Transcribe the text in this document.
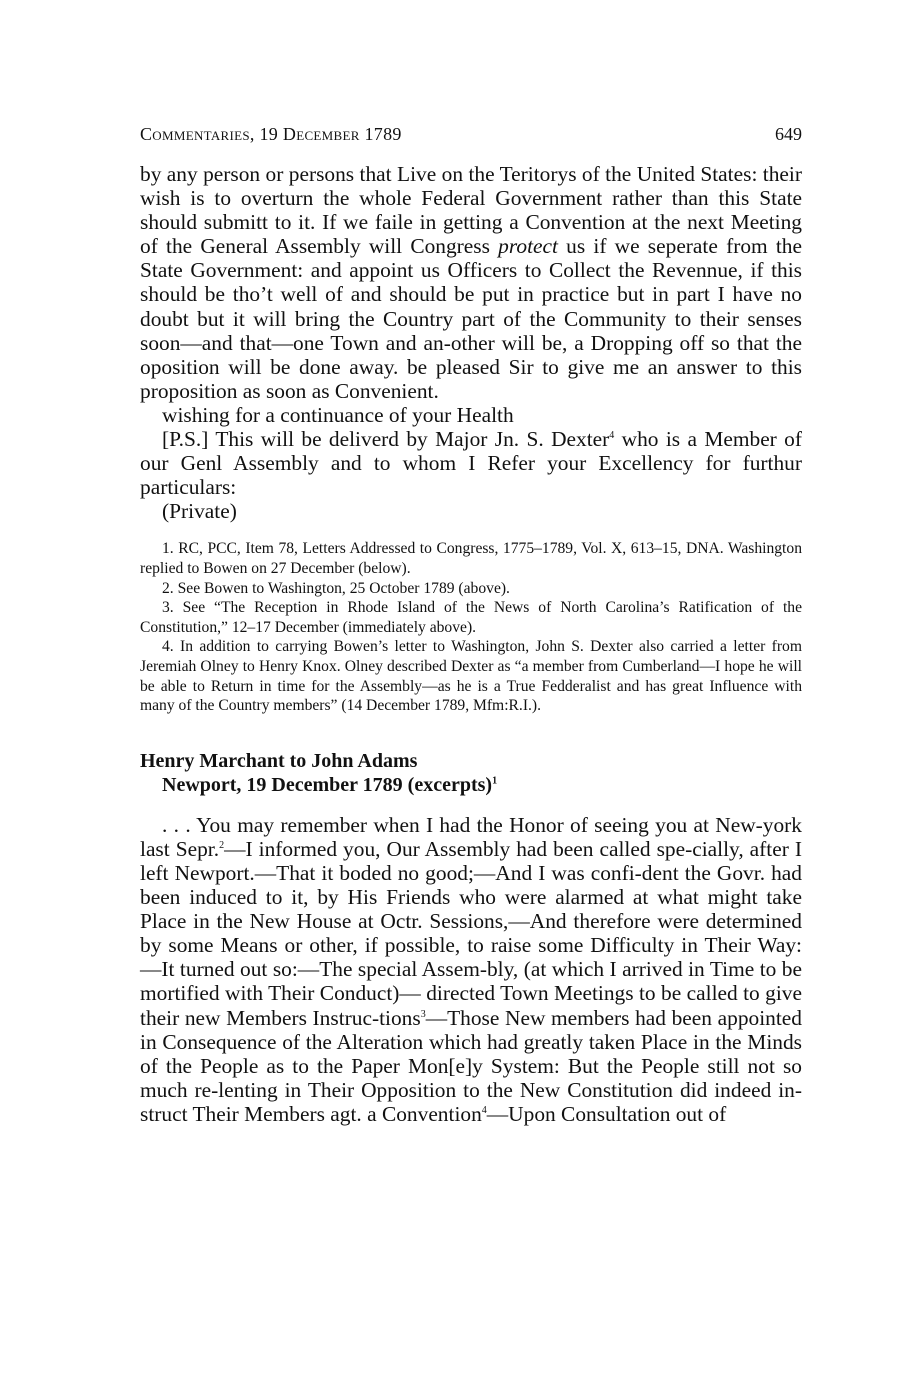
Commentaries, 19 December 1789	649

by any person or persons that Live on the Teritorys of the United States: their wish is to overturn the whole Federal Government rather than this State should submitt to it. If we faile in getting a Convention at the next Meeting of the General Assembly will Congress protect us if we seperate from the State Government: and appoint us Officers to Collect the Revennue, if this should be tho’t well of and should be put in practice but in part I have no doubt but it will bring the Country part of the Community to their senses soon—and that—one Town and an-other will be, a Dropping off so that the oposition will be done away. be pleased Sir to give me an answer to this proposition as soon as Convenient.

wishing for a continuance of your Health

[P.S.] This will be deliverd by Major Jn. S. Dexter$^4$ who is a Member of our Genl Assembly and to whom I Refer your Excellency for furthur particulars:

(Private)

1. RC, PCC, Item 78, Letters Addressed to Congress, 1775–1789, Vol. X, 613–15, DNA. Washington replied to Bowen on 27 December (below).

2. See Bowen to Washington, 25 October 1789 (above).

3. See “The Reception in Rhode Island of the News of North Carolina’s Ratification of the Constitution,” 12–17 December (immediately above).

4. In addition to carrying Bowen’s letter to Washington, John S. Dexter also carried a letter from Jeremiah Olney to Henry Knox. Olney described Dexter as “a member from Cumberland—I hope he will be able to Return in time for the Assembly—as he is a True Fedderalist and has great Influence with many of the Country members” (14 December 1789, Mfm:R.I.).

Henry Marchant to John Adams
Newport, 19 December 1789 (excerpts)$^1$

. . . You may remember when I had the Honor of seeing you at New-york last Sepr.$^2$—I informed you, Our Assembly had been called spe-cially, after I left Newport.—That it boded no good;—And I was confi-dent the Govr. had been induced to it, by His Friends who were alarmed at what might take Place in the New House at Octr. Sessions,—And therefore were determined by some Means or other, if possible, to raise some Difficulty in Their Way:—It turned out so:—The special Assem-bly, (at which I arrived in Time to be mortified with Their Conduct)— directed Town Meetings to be called to give their new Members Instruc-tions$^3$—Those New members had been appointed in Consequence of the Alteration which had greatly taken Place in the Minds of the People as to the Paper Mon[e]y System: But the People still not so much re-lenting in Their Opposition to the New Constitution did indeed in-struct Their Members agt. a Convention$^4$—Upon Consultation out of
